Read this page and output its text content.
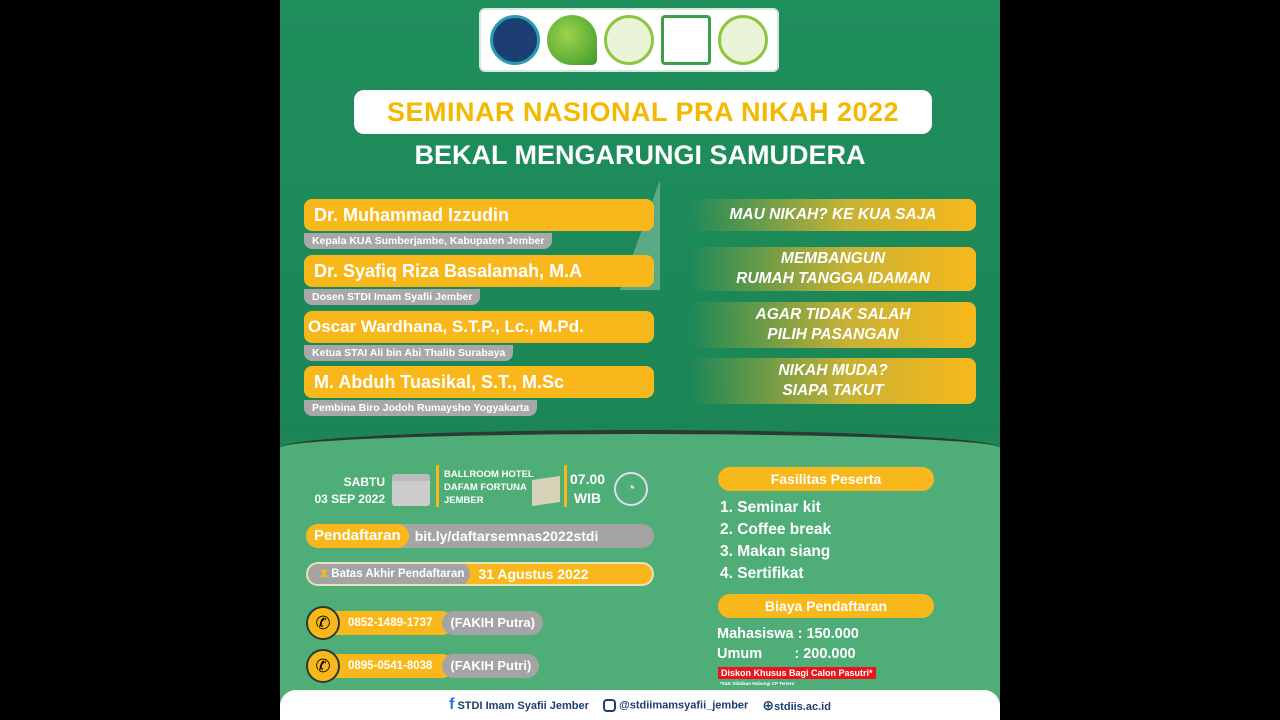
SEMINAR NASIONAL PRA NIKAH 2022
BEKAL MENGARUNGI SAMUDERA
Dr. Muhammad Izzudin
Kepala KUA Sumberjambe, Kabupaten Jember
Dr. Syafiq Riza Basalamah, M.A
Dosen STDI Imam Syafii Jember
Oscar Wardhana, S.T.P., Lc., M.Pd.
Ketua STAI Ali bin Abi Thalib Surabaya
M. Abduh Tuasikal, S.T., M.Sc
Pembina Biro Jodoh Rumaysho Yogyakarta
MAU NIKAH? KE KUA SAJA
MEMBANGUN
RUMAH TANGGA IDAMAN
AGAR TIDAK SALAH
PILIH PASANGAN
NIKAH MUDA?
SIAPA TAKUT
SABTU
03 SEP 2022
BALLROOM HOTEL
DAFAM FORTUNA
JEMBER
07.00
WIB
◔
Pendaftaran	bit.ly/daftarsemnas2022stdi
⧗ Batas Akhir Pendaftaran	31 Agustus 2022
✆	0852-1489-1737	(FAKIH Putra)
✆	0895-0541-8038	(FAKIH Putri)
Fasilitas Peserta
1. Seminar kit
2. Coffee break
3. Makan siang
4. Sertifikat
Biaya Pendaftaran
Mahasiswa : 150.000
Umum        : 200.000
Diskon Khusus Bagi Calon Pasutri*
*S&K Silahkan Hubungi CP Tertera
f STDI Imam Syafii Jember	@stdiimamsyafii_jember ⊕stdiis.ac.id
